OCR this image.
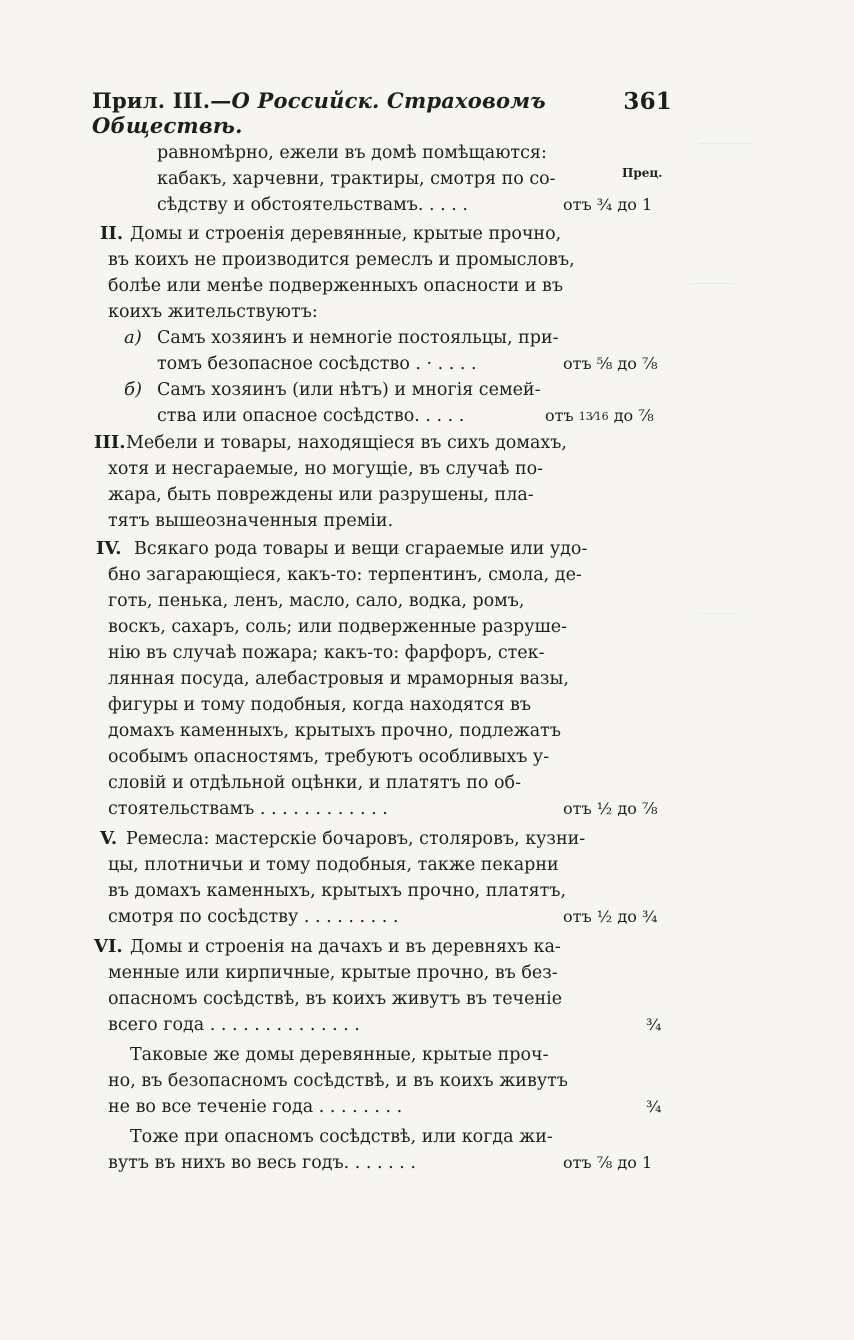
Прил. III.—О Российск. Страховомъ Обществѣ.
361
Прец.
________
_______
______
II.
III.
IV.
V.
VI.
а)
б)
равномѣрно, ежели въ домѣ помѣщаются:
кабакъ, харчевни, трактиры, смотря по со-
сѣдству и обстоятельствамъ. . . . .
Домы и строенія деревянные, крытые прочно,
въ коихъ не производится ремеслъ и промысловъ,
болѣе или менѣе подверженныхъ опасности и въ
коихъ жительствуютъ:
Самъ хозяинъ и немногіе постояльцы, при-
томъ безопасное сосѣдство . · . . . .
Самъ хозяинъ (или нѣтъ) и многія семей-
ства или опасное сосѣдство. . . . .
Мебели и товары, находящіеся въ сихъ домахъ,
хотя и несгараемые, но могущіе, въ случаѣ по-
жара, быть повреждены или разрушены, пла-
тятъ вышеозначенныя преміи.
Всякаго рода товары и вещи сгараемые или удо-
бно загарающіеся, какъ-то: терпентинъ, смола, де-
готь, пенька, ленъ, масло, сало, водка, ромъ,
воскъ, сахаръ, соль; или подверженные разруше-
нію въ случаѣ пожара; какъ-то: фарфоръ, стек-
лянная посуда, алебастровыя и мраморныя вазы,
фигуры и тому подобныя, когда находятся въ
домахъ каменныхъ, крытыхъ прочно, подлежатъ
особымъ опасностямъ, требуютъ особливыхъ у-
словій и отдѣльной оцѣнки, и платятъ по об-
стоятельствамъ . . . . . . . . . . . .
Ремесла: мастерскіе бочаровъ, столяровъ, кузни-
цы, плотничьи и тому подобныя, также пекарни
въ домахъ каменныхъ, крытыхъ прочно, платятъ,
смотря по сосѣдству . . . . . . . . .
Домы и строенія на дачахъ и въ деревняхъ ка-
менные или кирпичные, крытые прочно, въ без-
опасномъ сосѣдствѣ, въ коихъ живутъ въ теченіе
всего года . . . . . . . . . . . . . .
Таковые же домы деревянные, крытые проч-
но, въ безопасномъ сосѣдствѣ, и въ коихъ живутъ
не во все теченіе года . . . . . . . .
Тоже при опасномъ сосѣдствѣ, или когда жи-
вутъ въ нихъ во весь годъ. . . . . . .
отъ ¾ до 1
отъ ⅝ до ⅞
отъ 13⁄16 до ⅞
отъ ½ до ⅞
отъ ½ до ¾
¾
¾
отъ ⅞ до 1
